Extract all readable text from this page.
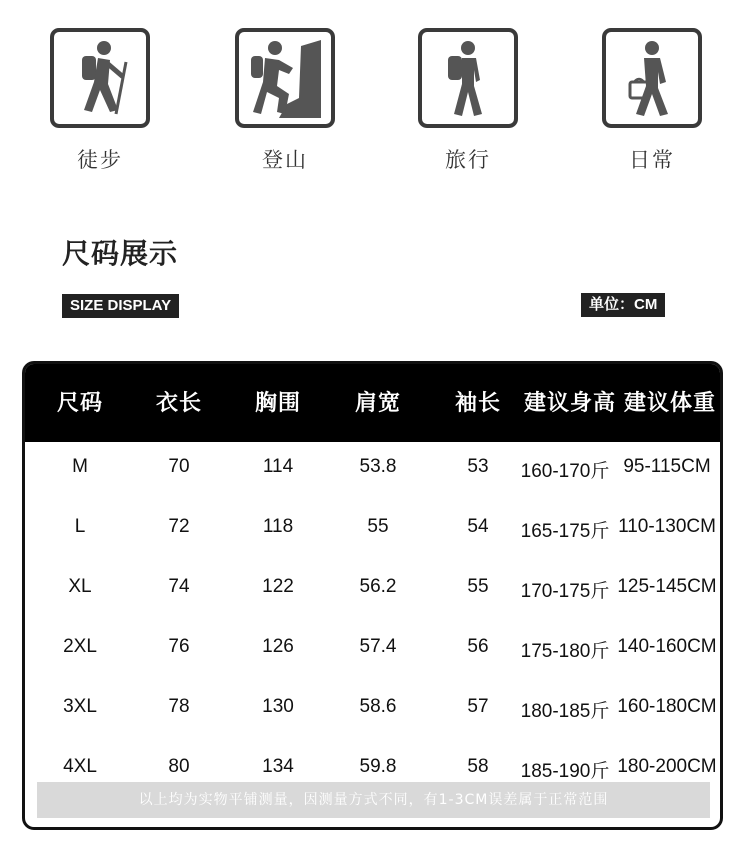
徒步	登山	旅行	日常
尺码展示
SIZE DISPLAY	单位：CM
尺码	衣长	胸围	肩宽	袖长	建议身高 建议体重
M	70	114	53.8	53	160-170斤 95-115CM
L	72	118	55	54	165-175斤 110-130CM
XL	74	122	56.2	55	170-175斤 125-145CM
2XL	76	126	57.4	56	175-180斤 140-160CM
3XL	78	130	58.6	57	180-185斤 160-180CM
4XL	80	134	59.8	58	185-190斤 180-200CM
以上均为实物平铺测量，因测量方式不同，有1-3CM误差属于正常范围
